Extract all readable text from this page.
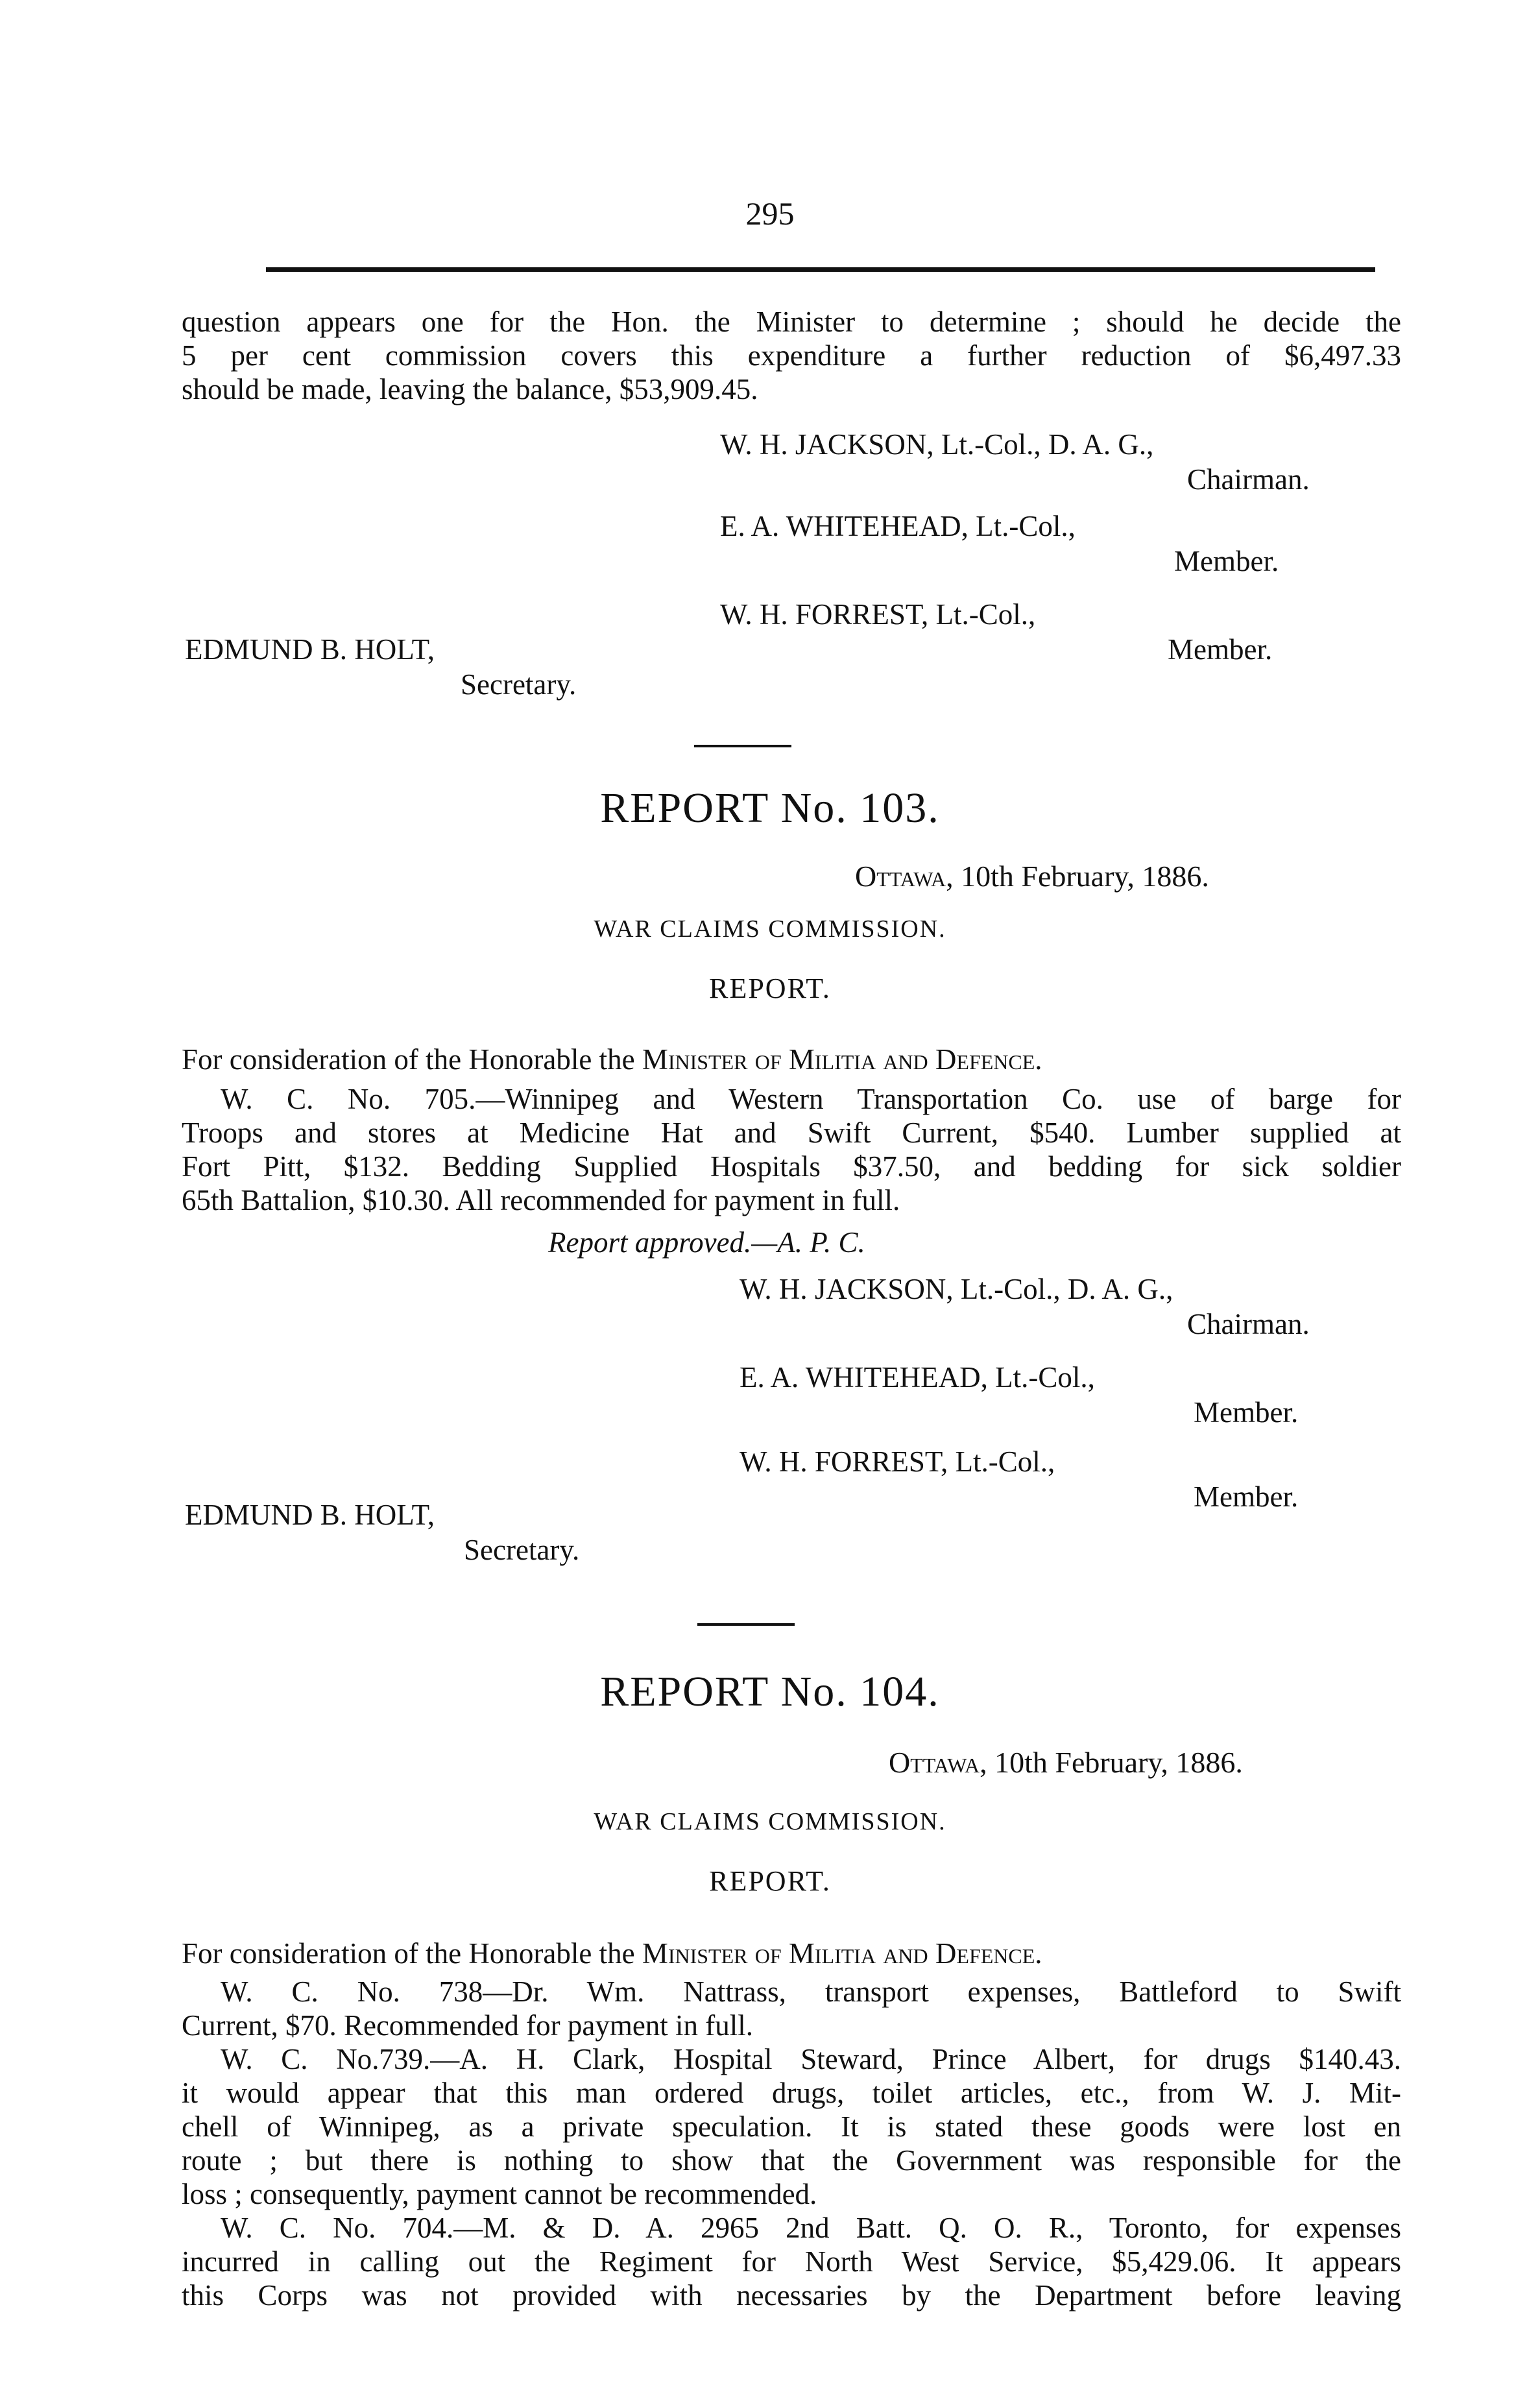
295
question appears one for the Hon. the Minister to determine ; should he decide the
5 per cent commission covers this expenditure a further reduction of $6,497.33
should be made, leaving the balance, $53,909.45.
W. H. JACKSON, Lt.-Col., D. A. G.,
Chairman.
E. A. WHITEHEAD, Lt.-Col.,
Member.
W. H. FORREST, Lt.-Col.,
Member.
EDMUND B. HOLT,
Secretary.
REPORT No. 103.
Ottawa, 10th February, 1886.
WAR CLAIMS COMMISSION.
REPORT.
For consideration of the Honorable the Minister of Militia and Defence.
W. C. No. 705.—Winnipeg and Western Transportation Co. use of barge for
Troops and stores at Medicine Hat and Swift Current, $540. Lumber supplied at
Fort Pitt, $132. Bedding Supplied Hospitals $37.50, and bedding for sick soldier
65th Battalion, $10.30. All recommended for payment in full.
Report approved.—A. P. C.
W. H. JACKSON, Lt.-Col., D. A. G.,
Chairman.
E. A. WHITEHEAD, Lt.-Col.,
Member.
W. H. FORREST, Lt.-Col.,
Member.
EDMUND B. HOLT,
Secretary.
REPORT No. 104.
Ottawa, 10th February, 1886.
WAR CLAIMS COMMISSION.
REPORT.
For consideration of the Honorable the Minister of Militia and Defence.
W. C. No. 738—Dr. Wm. Nattrass, transport expenses, Battleford to Swift
Current, $70. Recommended for payment in full.
W. C. No.739.—A. H. Clark, Hospital Steward, Prince Albert, for drugs $140.43.
it would appear that this man ordered drugs, toilet articles, etc., from W. J. Mit-
chell of Winnipeg, as a private speculation. It is stated these goods were lost en
route ; but there is nothing to show that the Government was responsible for the
loss ; consequently, payment cannot be recommended.
W. C. No. 704.—M. & D. A. 2965 2nd Batt. Q. O. R., Toronto, for expenses
incurred in calling out the Regiment for North West Service, $5,429.06. It appears
this Corps was not provided with necessaries by the Department before leaving
